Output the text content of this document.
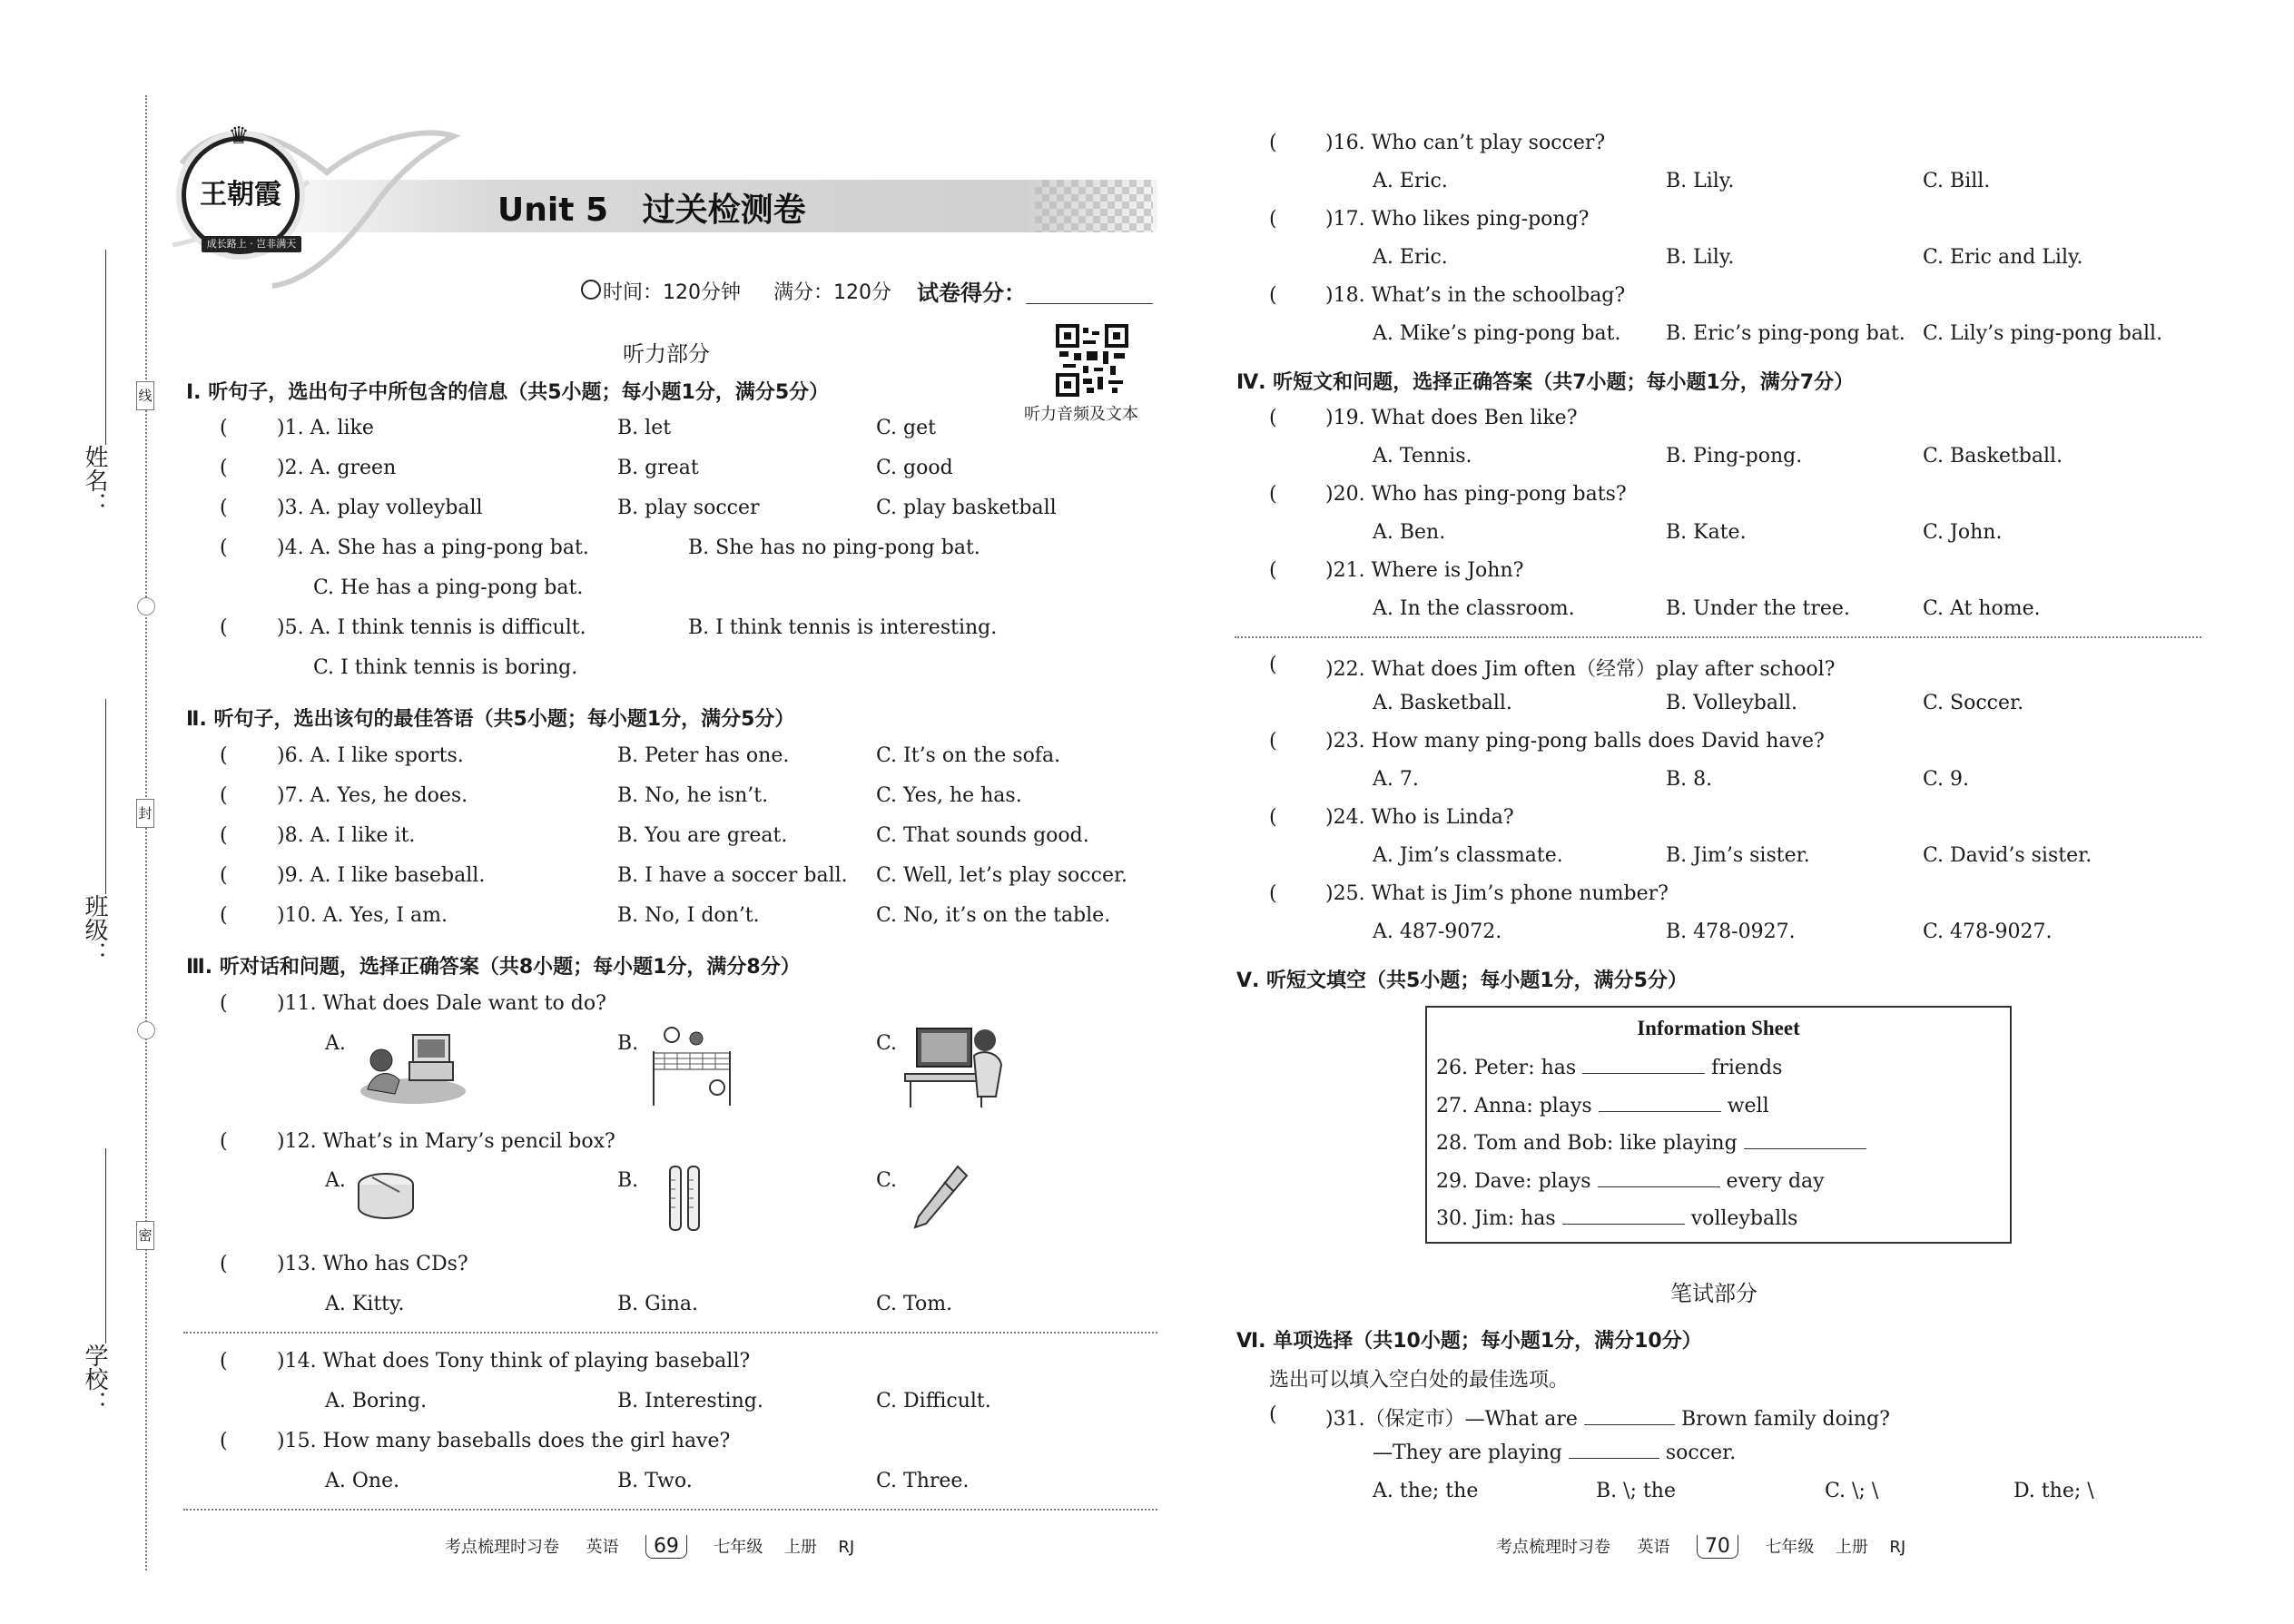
姓名：
班级：
学校：
线
封
密
♛
王朝霞
成长路上 · 岂非满天
Unit 5   过关检测卷
时间：120分钟 满分：120分 试卷得分：
听力音频及文本
听力部分
Ⅰ. 听句子，选出句子中所包含的信息（共5小题；每小题1分，满分5分）
( )1. A. like	B. let	C. get
( )2. A. green	B. great	C. good
( )3. A. play volleyball	B. play soccer	C. play basketball
( )4. A. She has a ping-pong bat.	B. She has no ping-pong bat.
C. He has a ping-pong bat.
( )5. A. I think tennis is difficult.	B. I think tennis is interesting.
C. I think tennis is boring.
Ⅱ. 听句子，选出该句的最佳答语（共5小题；每小题1分，满分5分）
( )6. A. I like sports.	B. Peter has one.	C. It’s on the sofa.
( )7. A. Yes, he does.	B. No, he isn’t.	C. Yes, he has.
( )8. A. I like it.	B. You are great.	C. That sounds good.
( )9. A. I like baseball.	B. I have a soccer ball. C. Well, let’s play soccer.
( )10. A. Yes, I am.	B. No, I don’t.	C. No, it’s on the table.
Ⅲ. 听对话和问题，选择正确答案（共8小题；每小题1分，满分8分）
( )11. What does Dale want to do?
A.	B.	C.
( )12. What’s in Mary’s pencil box?
A.	B.	C.
( )13. Who has CDs?
A. Kitty.	B. Gina.	C. Tom.
( )14. What does Tony think of playing baseball?
A. Boring.	B. Interesting.	C. Difficult.
( )15. How many baseballs does the girl have?
A. One.	B. Two.	C. Three.
考点梳理时习卷 英语 69 七年级 上册 RJ
( )16. Who can’t play soccer?
A. Eric.	B. Lily.	C. Bill.
( )17. Who likes ping-pong?
A. Eric.	B. Lily.	C. Eric and Lily.
( )18. What’s in the schoolbag?
A. Mike’s ping-pong bat. B. Eric’s ping-pong bat. C. Lily’s ping-pong ball.
Ⅳ. 听短文和问题，选择正确答案（共7小题；每小题1分，满分7分）
( )19. What does Ben like?
A. Tennis.	B. Ping-pong.	C. Basketball.
( )20. Who has ping-pong bats?
A. Ben.	B. Kate.	C. John.
( )21. Where is John?
A. In the classroom.	B. Under the tree.	C. At home.
( )22. What does Jim often（经常）play after school?
A. Basketball.	B. Volleyball.	C. Soccer.
( )23. How many ping-pong balls does David have?
A. 7.	B. 8.	C. 9.
( )24. Who is Linda?
A. Jim’s classmate.	B. Jim’s sister.	C. David’s sister.
( )25. What is Jim’s phone number?
A. 487-9072.	B. 478-0927.	C. 478-9027.
Ⅴ. 听短文填空（共5小题；每小题1分，满分5分）
Information Sheet
26. Peter: has	friends
27. Anna: plays	well
28. Tom and Bob: like playing
29. Dave: plays	every day
30. Jim: has	volleyballs
笔试部分
Ⅵ. 单项选择（共10小题；每小题1分，满分10分）
选出可以填入空白处的最佳选项。
( )31.（保定市）—What are	Brown family doing?
—They are playing	soccer.
A. the; the	B. \; the	C. \; \	D. the; \
考点梳理时习卷 英语 70 七年级 上册 RJ
